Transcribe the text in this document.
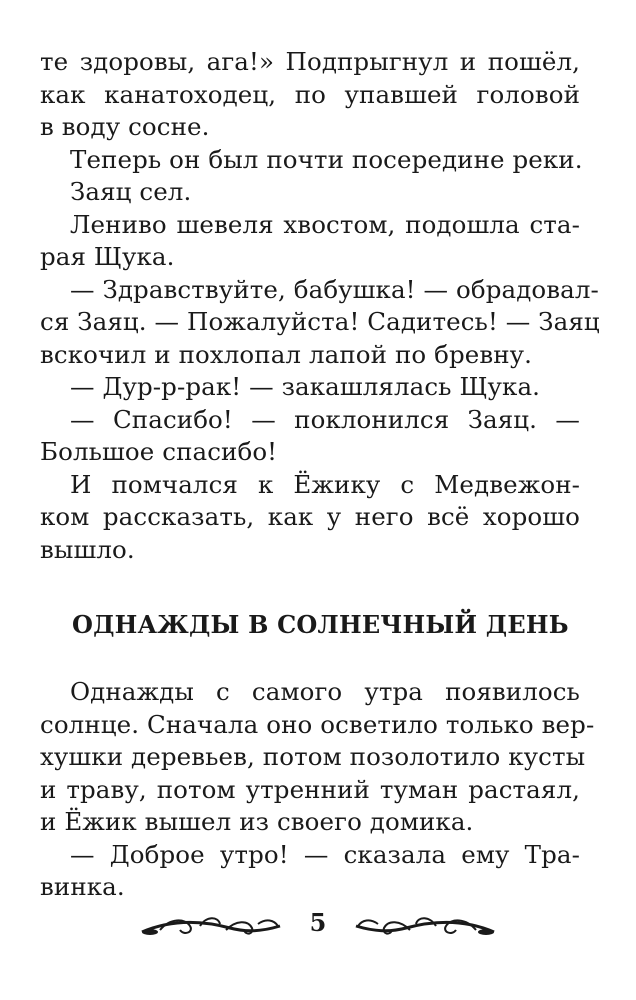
те здоровы, ага!» Подпрыгнул и пошёл,
как канатоходец, по упавшей головой
в воду сосне.
Теперь он был почти посередине реки.
Заяц сел.
Лениво шевеля хвостом, подошла ста-
рая Щука.
— Здравствуйте, бабушка! — обрадовал-
ся Заяц. — Пожалуйста! Садитесь! — Заяц
вскочил и похлопал лапой по бревну.
— Дур-р-рак! — закашлялась Щука.
— Спасибо! — поклонился Заяц. —
Большое спасибо!
И помчался к Ёжику с Медвежон-
ком рассказать, как у него всё хорошо
вышло.
ОДНАЖДЫ В СОЛНЕЧНЫЙ ДЕНЬ
Однажды с самого утра появилось
солнце. Сначала оно осветило только вер-
хушки деревьев, потом позолотило кусты
и траву, потом утренний туман растаял,
и Ёжик вышел из своего домика.
— Доброе утро! — сказала ему Тра-
винка.
5
